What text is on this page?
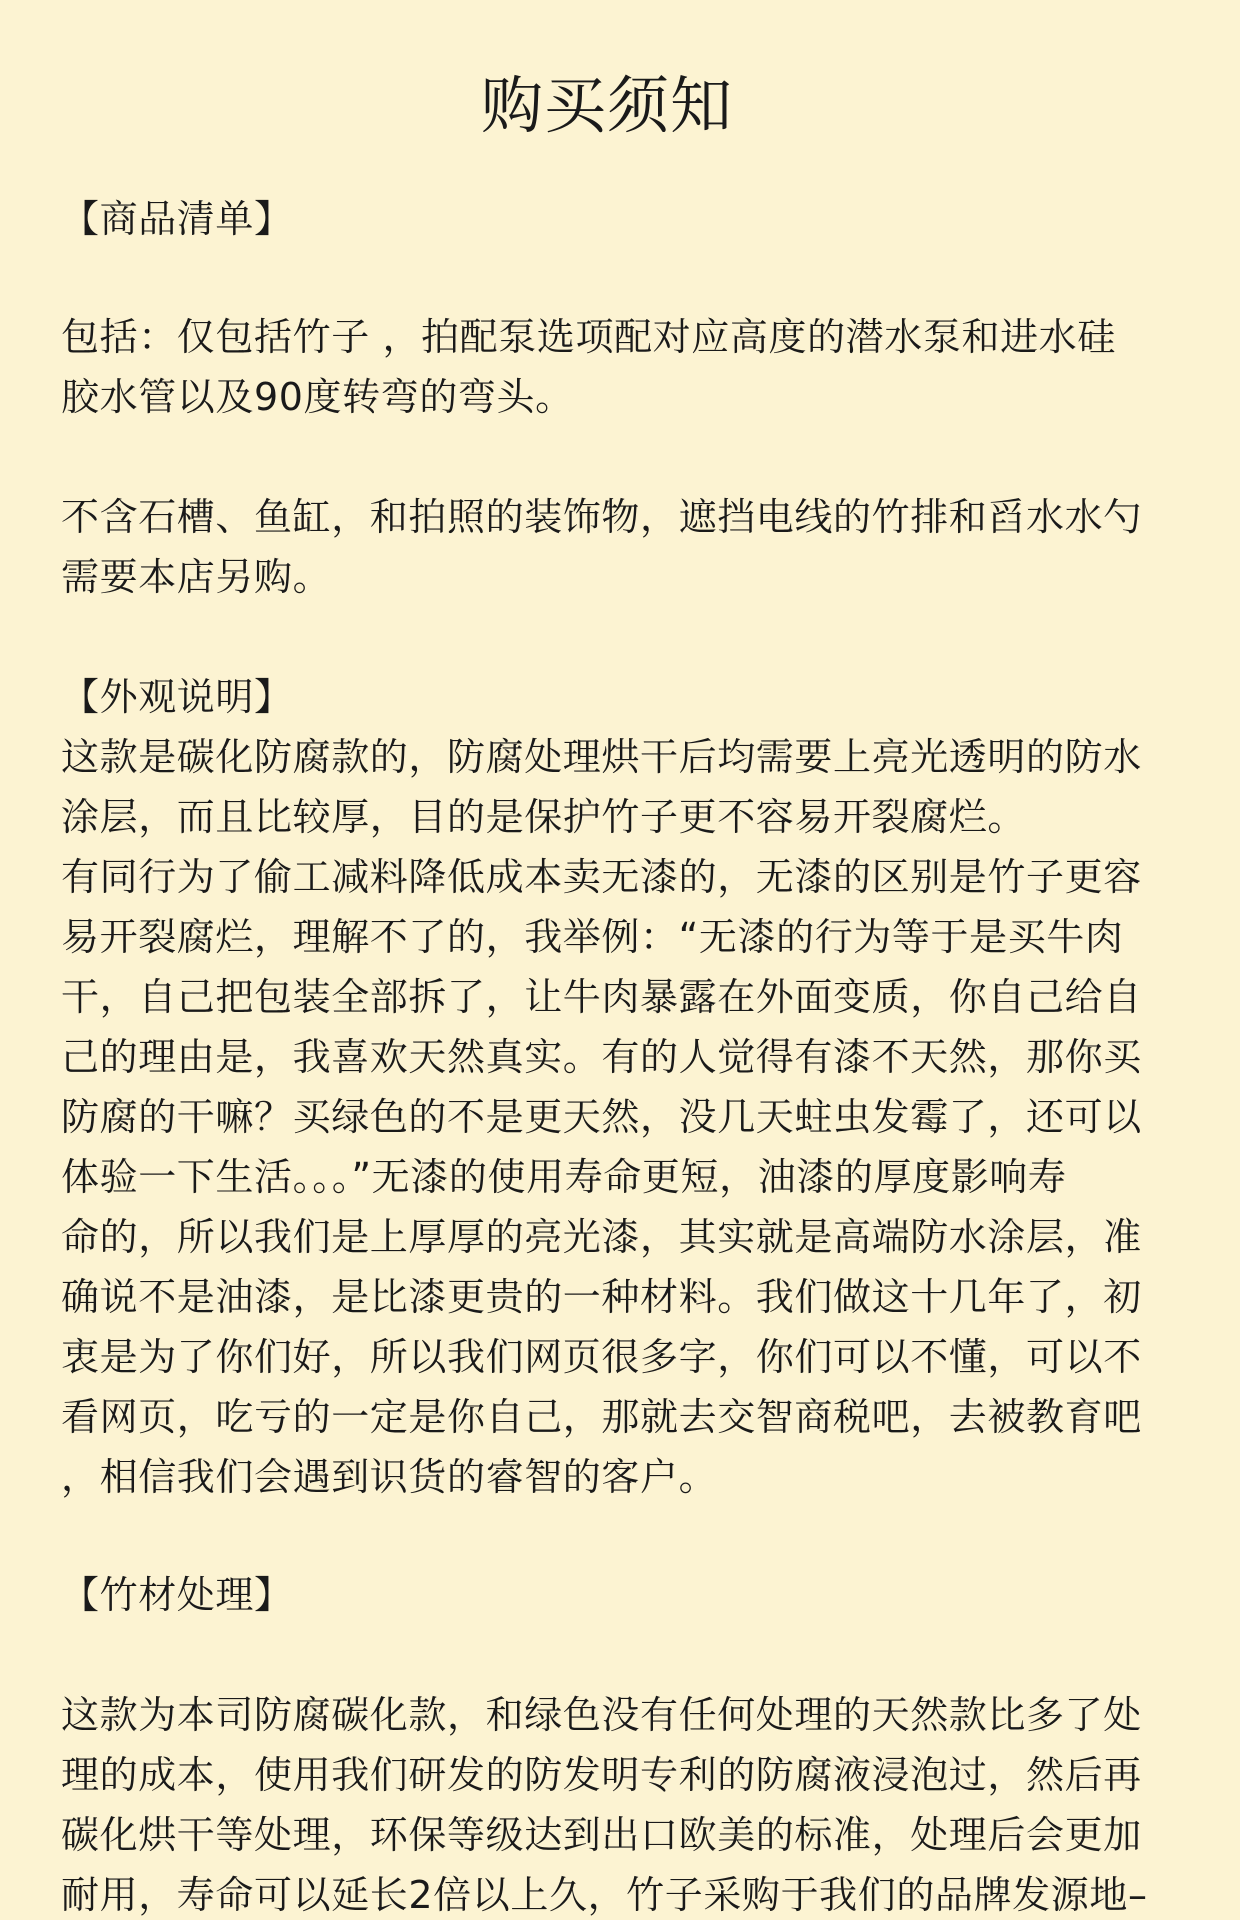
购买须知

【商品清单】

包括：仅包括竹子 ，拍配泵选项配对应高度的潜水泵和进水硅

胶水管以及90度转弯的弯头。

不含石槽、鱼缸，和拍照的装饰物，遮挡电线的竹排和舀水水勺

需要本店另购。

【外观说明】

这款是碳化防腐款的，防腐处理烘干后均需要上亮光透明的防水

涂层，而且比较厚，目的是保护竹子更不容易开裂腐烂。

有同行为了偷工减料降低成本卖无漆的，无漆的区别是竹子更容

易开裂腐烂，理解不了的，我举例：“无漆的行为等于是买牛肉

干，自己把包装全部拆了，让牛肉暴露在外面变质，你自己给自

己的理由是，我喜欢天然真实。有的人觉得有漆不天然，那你买

防腐的干嘛？买绿色的不是更天然，没几天蛀虫发霉了，还可以

体验一下生活。。。”无漆的使用寿命更短，油漆的厚度影响寿

命的，所以我们是上厚厚的亮光漆，其实就是高端防水涂层，准

确说不是油漆，是比漆更贵的一种材料。我们做这十几年了，初

衷是为了你们好，所以我们网页很多字，你们可以不懂，可以不

看网页，吃亏的一定是你自己，那就去交智商税吧，去被教育吧

，相信我们会遇到识货的睿智的客户。

【竹材处理】

这款为本司防腐碳化款，和绿色没有任何处理的天然款比多了处

理的成本，使用我们研发的防发明专利的防腐液浸泡过，然后再

碳化烘干等处理，环保等级达到出口欧美的标准，处理后会更加

耐用，寿命可以延长2倍以上久，竹子采购于我们的品牌发源地–
